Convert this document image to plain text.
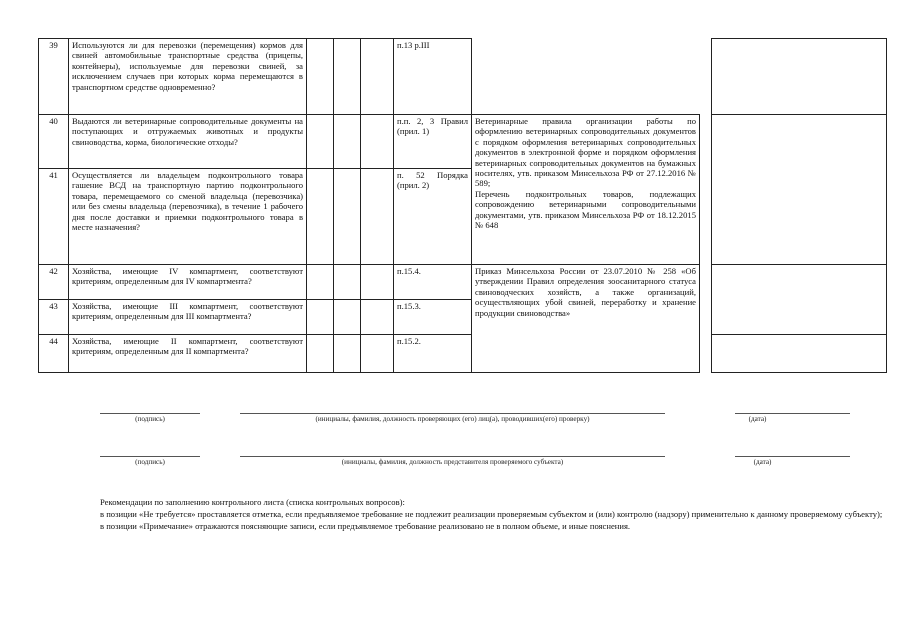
39	Используются ли для перевозки (перемещения) кормов для свиней автомобильные транспортные средства (прицепы, контейнеры), используемые для перевозки свиней, за исключением случаев при которых корма перемещаются в транспортном средстве одновременно?				п.13 р.III			
40	Выдаются ли ветеринарные сопроводительные документы на поступающих и отгружаемых животных и продукты свиноводства, корма, биологические отходы?				п.п. 2, 3 Правил (прил. 1)	Ветеринарные правила организации работы по оформлению ветеринарных сопроводительных документов с порядком оформления ветеринарных сопроводительных документов в электронной форме и порядком оформления ветеринарных сопроводительных документов на бумажных носителях, утв. приказом Минсельхоза РФ от 27.12.2016 № 589;

Перечень подконтрольных товаров, подлежащих сопровождению ветеринарными сопроводительными документами, утв. приказом Минсельхоза РФ от 18.12.2015 № 648		

41	Осуществляется ли владельцем подконтрольного товара гашение ВСД на транспортную партию подконтрольного товара, перемещаемого со сменой владельца (перевозчика) или без смены владельца (перевозчика), в течение 1 рабочего дня после доставки и приемки подконтрольного товара в месте назначения?				п. 52 Порядка (прил. 2)			
42	Хозяйства, имеющие IV компартмент, соответствуют критериям, определенным для IV компартмента?				п.15.4.	Приказ Минсельхоза России от 23.07.2010 № 258 «Об утверждении Правил определения зоосанитарного статуса свиноводческих хозяйств, а также организаций, осуществляющих убой свиней, переработку и хранение продукции свиноводства»		
43	Хозяйства, имеющие III компартмент, соответствуют критериям, определенным для III компартмента?				п.15.3.			
44	Хозяйства, имеющие II компартмент, соответствуют критериям, определенным для II компартмента?				п.15.2.			
(подпись)	(инициалы, фамилия, должность проверяющих (его) лиц(а), проводивших(его) проверку)	(дата)
(подпись)	(инициалы, фамилия, должность представителя проверяемого субъекта)	(дата)

Рекомендации по заполнению контрольного листа (списка контрольных вопросов):

в позиции «Не требуется» проставляется отметка, если предъявляемое требование не подлежит реализации проверяемым субъектом и (или) контролю (надзору) применительно к данному проверяемому субъекту);

в позиции «Примечание» отражаются поясняющие записи, если предъявляемое требование реализовано не в полном объеме, и иные пояснения.
